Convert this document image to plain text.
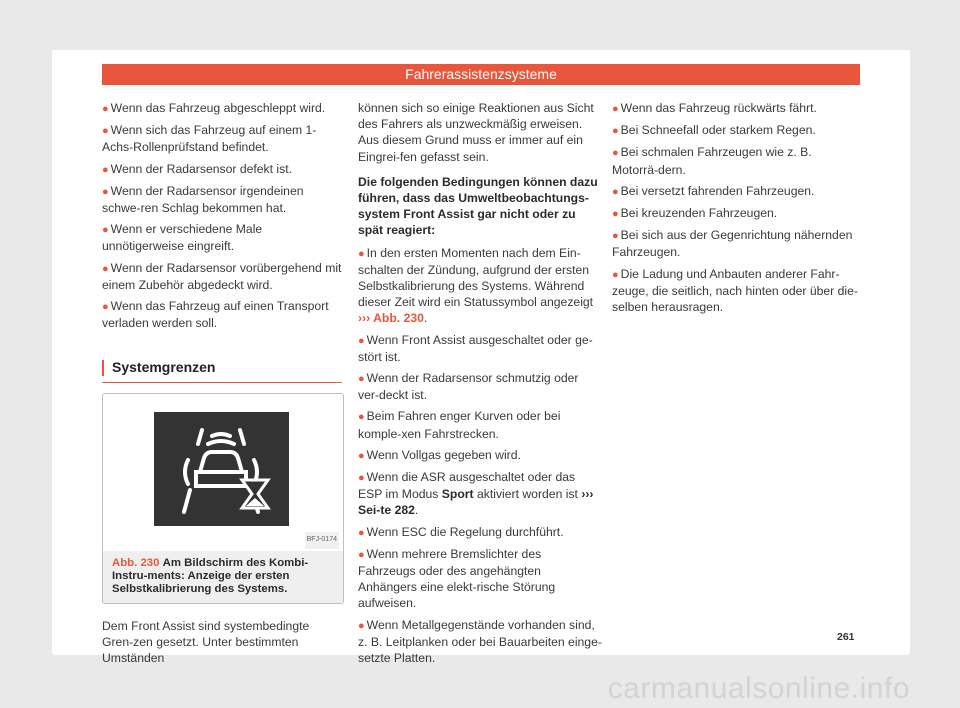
Fahrerassistenzsysteme

● Wenn das Fahrzeug abgeschleppt wird.

● Wenn sich das Fahrzeug auf einem 1-Achs-Rollenprüfstand befindet.

● Wenn der Radarsensor defekt ist.

● Wenn der Radarsensor irgendeinen schwe-ren Schlag bekommen hat.

● Wenn er verschiedene Male unnötigerweise eingreift.

● Wenn der Radarsensor vorübergehend mit einem Zubehör abgedeckt wird.

● Wenn das Fahrzeug auf einen Transport verladen werden soll.

Systemgrenzen
BFJ-0174
Abb. 230 Am Bildschirm des Kombi-Instru-ments: Anzeige der ersten Selbstkalibrierung des Systems.

Dem Front Assist sind systembedingte Gren-zen gesetzt. Unter bestimmten Umständen

können sich so einige Reaktionen aus Sicht des Fahrers als unzweckmäßig erweisen. Aus diesem Grund muss er immer auf ein Eingrei-fen gefasst sein.

Die folgenden Bedingungen können dazu führen, dass das Umweltbeobachtungs-system Front Assist gar nicht oder zu spät reagiert:

● In den ersten Momenten nach dem Ein-schalten der Zündung, aufgrund der ersten Selbstkalibrierung des Systems. Während dieser Zeit wird ein Statussymbol angezeigt ››› Abb. 230.

● Wenn Front Assist ausgeschaltet oder ge-stört ist.

● Wenn der Radarsensor schmutzig oder ver-deckt ist.

● Beim Fahren enger Kurven oder bei komple-xen Fahrstrecken.

● Wenn Vollgas gegeben wird.

● Wenn die ASR ausgeschaltet oder das ESP im Modus Sport aktiviert worden ist ››› Sei-te 282.

● Wenn ESC die Regelung durchführt.

● Wenn mehrere Bremslichter des Fahrzeugs oder des angehängten Anhängers eine elekt-rische Störung aufweisen.

● Wenn Metallgegenstände vorhanden sind, z. B. Leitplanken oder bei Bauarbeiten einge-setzte Platten.

● Wenn das Fahrzeug rückwärts fährt.

● Bei Schneefall oder starkem Regen.

● Bei schmalen Fahrzeugen wie z. B. Motorrä-dern.

● Bei versetzt fahrenden Fahrzeugen.

● Bei kreuzenden Fahrzeugen.

● Bei sich aus der Gegenrichtung nähernden Fahrzeugen.

● Die Ladung und Anbauten anderer Fahr-zeuge, die seitlich, nach hinten oder über die-selben herausragen.

261
carmanualsonline.info
